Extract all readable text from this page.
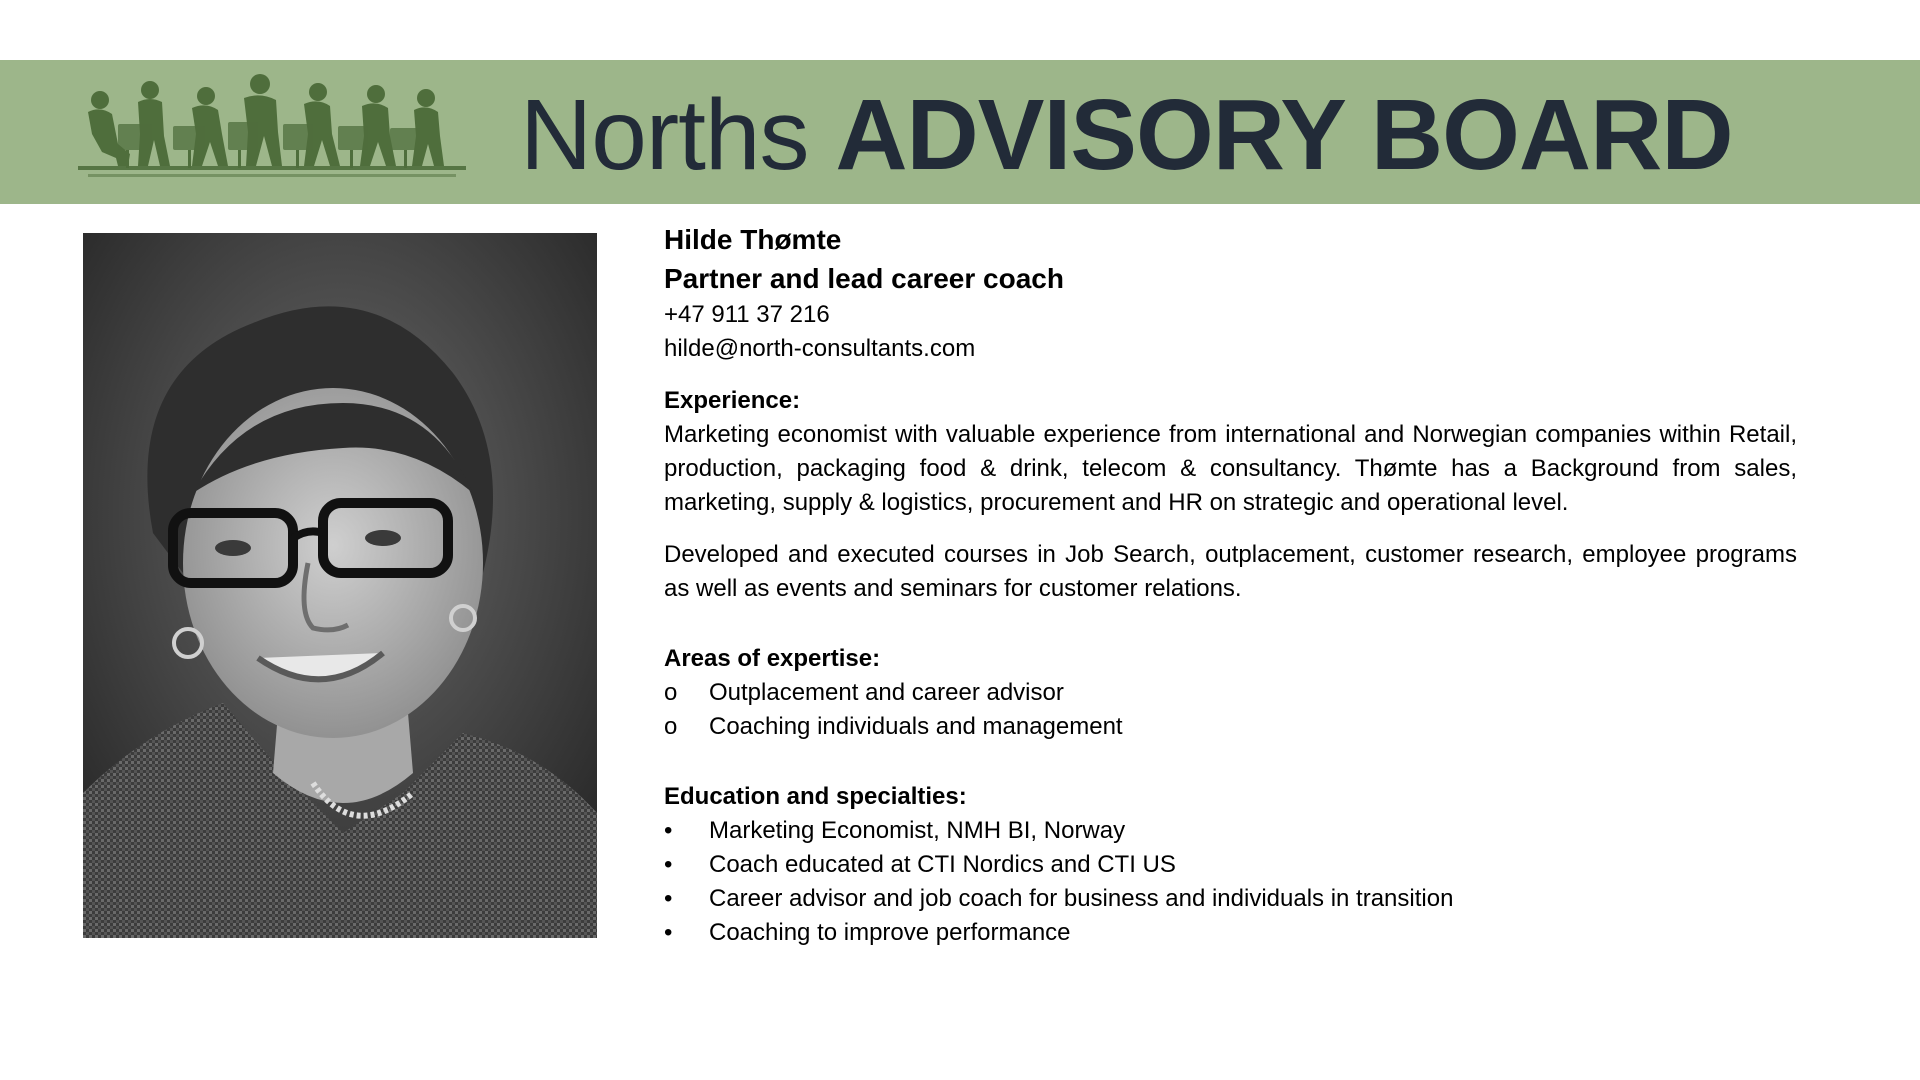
Norths ADVISORY BOARD
Hilde Thømte
Partner and lead career coach
+47 911 37 216
hilde@north-consultants.com
Experience:
Marketing economist with valuable experience from international and Norwegian companies within Retail, production, packaging food & drink, telecom & consultancy. Thømte has a Background from sales, marketing, supply & logistics, procurement and HR on strategic and operational level.
Developed and executed courses in Job Search, outplacement, customer research, employee programs as well as events and seminars for customer relations.
Areas of expertise:
o	Outplacement and career advisor
o	Coaching individuals and management
Education and specialties:
•	Marketing Economist, NMH BI, Norway
•	Coach educated at CTI Nordics and CTI US
•	Career advisor and job coach for business and individuals in transition
•	Coaching to improve performance
